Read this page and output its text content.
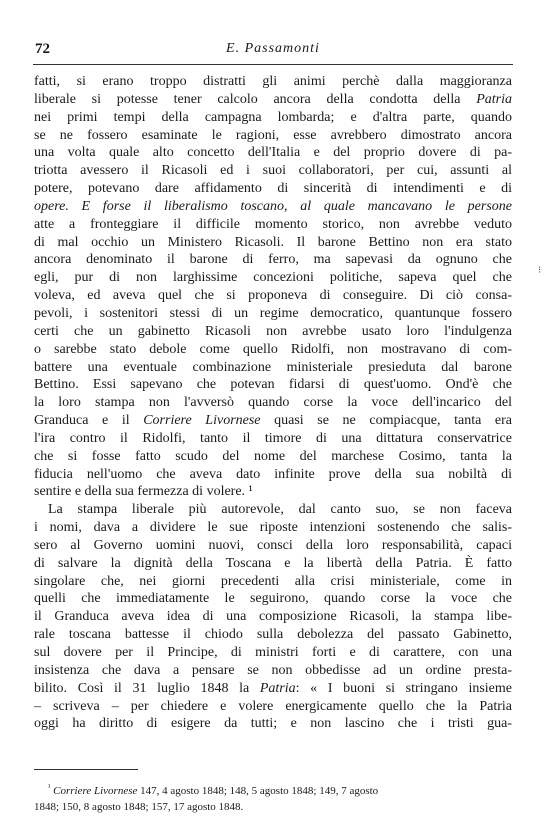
72	E. Passamonti
fatti, si erano troppo distratti gli animi perchè dalla maggioranza
liberale si potesse tener calcolo ancora della condotta della Patria
nei primi tempi della campagna lombarda; e d'altra parte, quando
se ne fossero esaminate le ragioni, esse avrebbero dimostrato ancora
una volta quale alto concetto dell'Italia e del proprio dovere di pa-
triotta avessero il Ricasoli ed i suoi collaboratori, per cui, assunti al
potere, potevano dare affidamento di sincerità di intendimenti e di
opere. E forse il liberalismo toscano, al quale mancavano le persone
atte a fronteggiare il difficile momento storico, non avrebbe veduto
di mal occhio un Ministero Ricasoli. Il barone Bettino non era stato
ancora denominato il barone di ferro, ma sapevasi da ognuno che
egli, pur di non larghissime concezioni politiche, sapeva quel che
voleva, ed aveva quel che si proponeva di conseguire. Di ciò consa-
pevoli, i sostenitori stessi di un regime democratico, quantunque fossero
certi che un gabinetto Ricasoli non avrebbe usato loro l'indulgenza
o sarebbe stato debole come quello Ridolfi, non mostravano di com-
battere una eventuale combinazione ministeriale presieduta dal barone
Bettino. Essi sapevano che potevan fidarsi di quest'uomo. Ond'è che
la loro stampa non l'avversò quando corse la voce dell'incarico del
Granduca e il Corriere Livornese quasi se ne compiacque, tanta era
l'ira contro il Ridolfi, tanto il timore di una dittatura conservatrice
che si fosse fatto scudo del nome del marchese Cosimo, tanta la
fiducia nell'uomo che aveva dato infinite prove della sua nobiltà di
sentire e della sua fermezza di volere. ¹
La stampa liberale più autorevole, dal canto suo, se non faceva
i nomi, dava a dividere le sue riposte intenzioni sostenendo che salis-
sero al Governo uomini nuovi, consci della loro responsabilità, capaci
di salvare la dignità della Toscana e la libertà della Patria. È fatto
singolare che, nei giorni precedenti alla crisi ministeriale, come in
quelli che immediatamente le seguirono, quando corse la voce che
il Granduca aveva idea di una composizione Ricasoli, la stampa libe-
rale toscana battesse il chiodo sulla debolezza del passato Gabinetto,
sul dovere per il Principe, di ministri forti e di carattere, con una
insistenza che dava a pensare se non obbedisse ad un ordine presta-
bilito. Così il 31 luglio 1848 la Patria: « I buoni si stringano insieme
– scriveva – per chiedere e volere energicamente quello che la Patria
oggi ha diritto di esigere da tutti; e non lascino che i tristi gua-
⁝
$^{^1}$ Corriere Livornese 147, 4 agosto 1848; 148, 5 agosto 1848; 149, 7 agosto
1848; 150, 8 agosto 1848; 157, 17 agosto 1848.
